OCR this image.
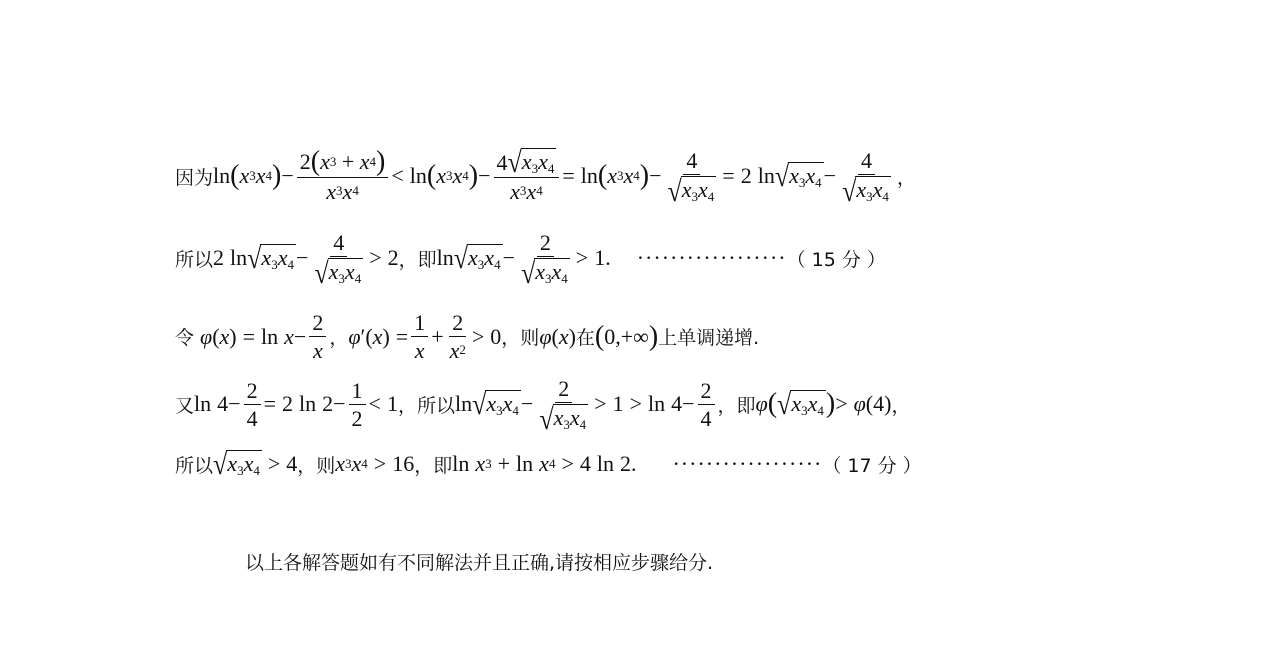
因为 ln ( x 3 x 4 ) − $\frac{2 ( x 3 + x 4 )}{x 3 x 4} < \ln$ ( x 3 x 4 ) − $\frac{4 √ x_3x_4}{x 3 x 4} = \ln$ ( x 3 x 4 ) − $\frac{4}{√ x_3x_4} = 2$ ln √ $x_3x_4 - \frac{4}{√ x_3x_4}$ ，
所以 2 ln √ $x_3x_4 - \frac{4}{√ x_3x_4} > 2$ ，即 ln √ $x_3x_4 - \frac{2}{√ x_3x_4} > 1$ . ·················· （ 15 分 ）
令 φ ( x ) = $\ln x - \frac{2}{x}$ ， φ ′ ( x ) = $\frac{1}{x} + \frac{2}{x 2} > 0$ ，则 φ ( x ) 在 ( 0, +∞ ) 上单调递增.
又 $\ln 4 - \frac{2}{4} = 2$ $\ln 2 - \frac{1}{2} < 1$ ，所以 ln √ $x_3x_4 - \frac{2}{√ x_3x_4} > 1 > \ln 4 - \frac{2}{4}$ ，即 φ ( √ $x_3x_4$ ) > φ (4) ，
所以 √ $x_3x_4 > 4$ ，则 x 3 x 4 > 16 ，即 ln x 3 + ln x 4 > 4 ln 2 . ·················· （ 17 分 ）
以上各解答题如有不同解法并且正确,请按相应步骤给分.
